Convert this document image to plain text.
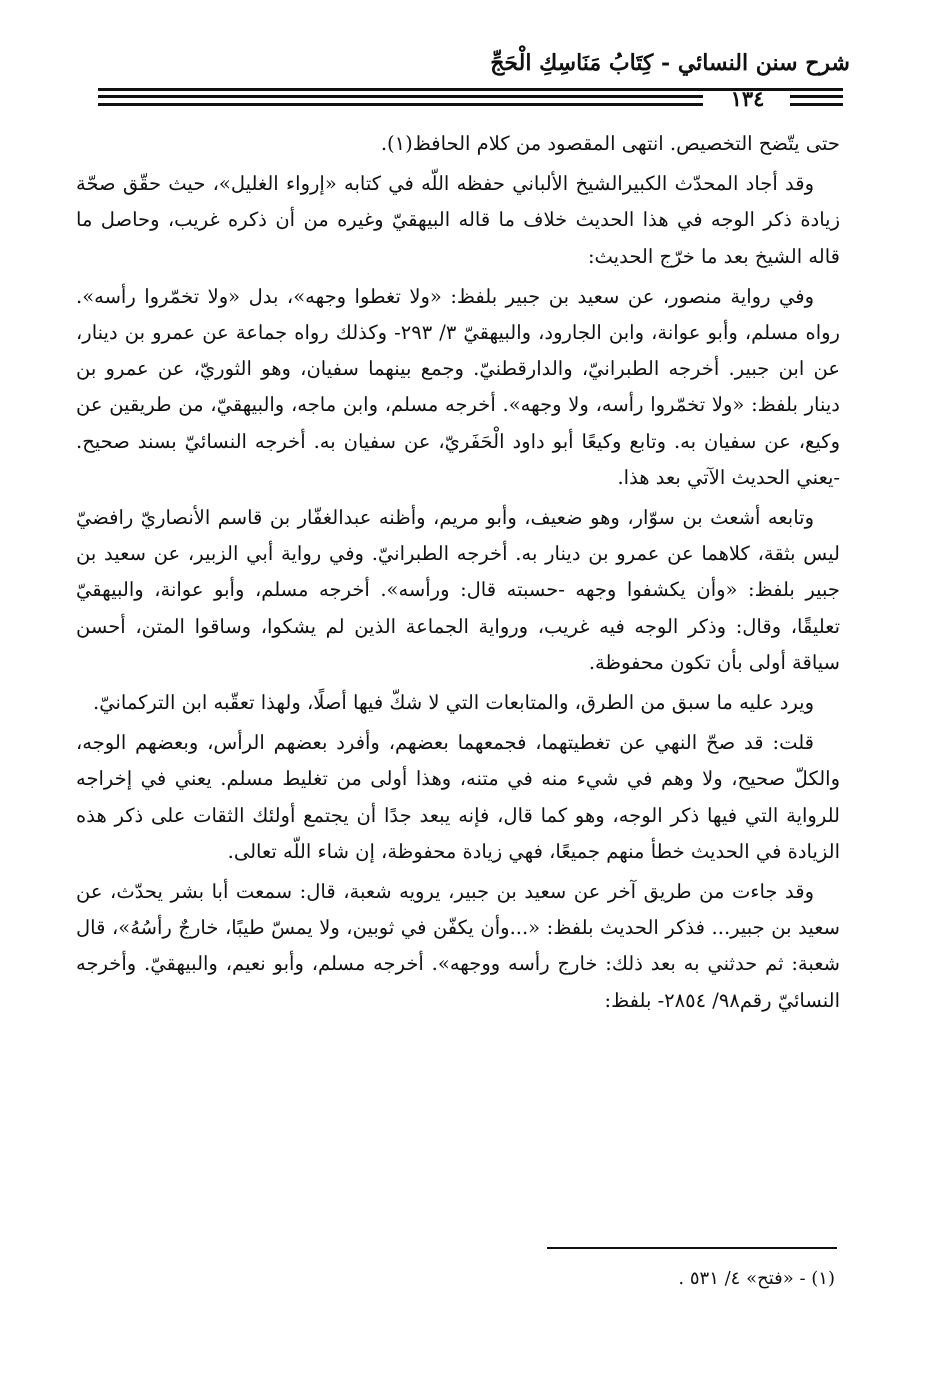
شرح سنن النسائي - كِتَابُ مَنَاسِكِ الْحَجِّ
١٣٤

حتى يتّضح التخصيص. انتهى المقصود من كلام الحافظ(١).

وقد أجاد المحدّث الكبيرالشيخ الألباني حفظه اللّه في كتابه «إرواء الغليل»، حيث حقّق صحّة زيادة ذكر الوجه في هذا الحديث خلاف ما قاله البيهقيّ وغيره من أن ذكره غريب، وحاصل ما قاله الشيخ بعد ما خرّج الحديث:

وفي رواية منصور، عن سعيد بن جبير بلفظ: «ولا تغطوا وجهه»، بدل «ولا تخمّروا رأسه». رواه مسلم، وأبو عوانة، وابن الجارود، والبيهقيّ ٣/ ٢٩٣- وكذلك رواه جماعة عن عمرو بن دينار، عن ابن جبير. أخرجه الطبرانيّ، والدارقطنيّ. وجمع بينهما سفيان، وهو الثوريّ، عن عمرو بن دينار بلفظ: «ولا تخمّروا رأسه، ولا وجهه». أخرجه مسلم، وابن ماجه، والبيهقيّ، من طريقين عن وكيع، عن سفيان به. وتابع وكيعًا أبو داود الْحَفَريّ، عن سفيان به. أخرجه النسائيّ بسند صحيح. -يعني الحديث الآتي بعد هذا.

وتابعه أشعث بن سوّار، وهو ضعيف، وأبو مريم، وأظنه عبدالغفّار بن قاسم الأنصاريّ رافضيّ ليس بثقة، كلاهما عن عمرو بن دينار به. أخرجه الطبرانيّ. وفي رواية أبي الزبير، عن سعيد بن جبير بلفظ: «وأن يكشفوا وجهه -حسبته قال: ورأسه». أخرجه مسلم، وأبو عوانة، والبيهقيّ تعليقًا، وقال: وذكر الوجه فيه غريب، ورواية الجماعة الذين لم يشكوا، وساقوا المتن، أحسن سياقة أولى بأن تكون محفوظة.

ويرد عليه ما سبق من الطرق، والمتابعات التي لا شكّ فيها أصلًا، ولهذا تعقّبه ابن التركمانيّ.

قلت: قد صحّ النهي عن تغطيتهما، فجمعهما بعضهم، وأفرد بعضهم الرأس، وبعضهم الوجه، والكلّ صحيح، ولا وهم في شيء منه في متنه، وهذا أولى من تغليط مسلم. يعني في إخراجه للرواية التي فيها ذكر الوجه، وهو كما قال، فإنه يبعد جدًا أن يجتمع أولئك الثقات على ذكر هذه الزيادة في الحديث خطأ منهم جميعًا، فهي زيادة محفوظة، إن شاء اللّه تعالى.

وقد جاءت من طريق آخر عن سعيد بن جبير، يرويه شعبة، قال: سمعت أبا بشر يحدّث، عن سعيد بن جبير... فذكر الحديث بلفظ: «...وأن يكفّن في ثوبين، ولا يمسّ طيبًا، خارجٌ رأسُهُ»، قال شعبة: ثم حدثني به بعد ذلك: خارج رأسه ووجهه». أخرجه مسلم، وأبو نعيم، والبيهقيّ. وأخرجه النسائيّ رقم٩٨/ ٢٨٥٤- بلفظ:

(١) - «فتح» ٤/ ٥٣١ .
